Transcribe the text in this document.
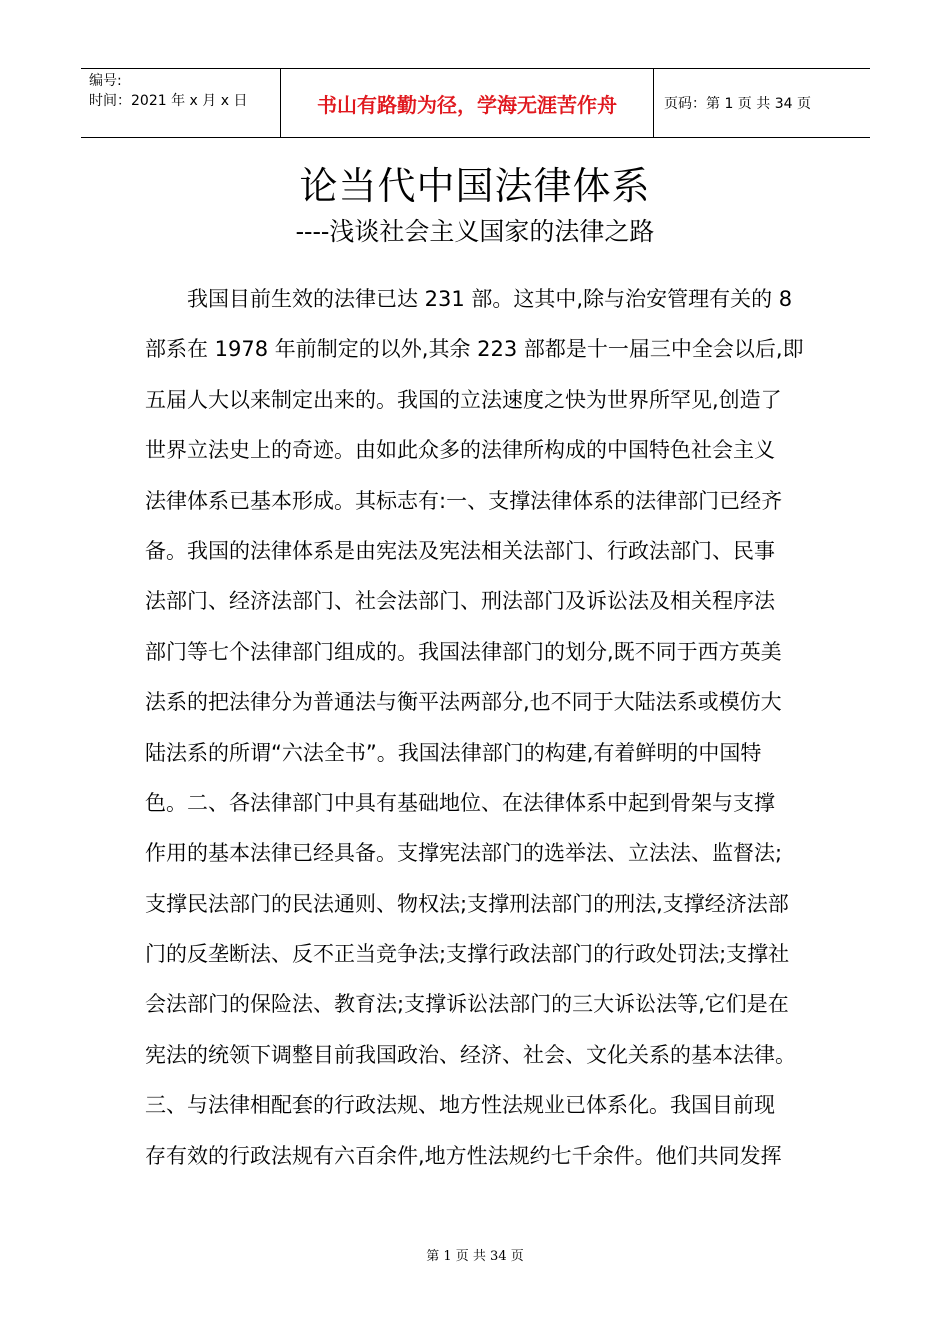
编号:
时间：2021 年 x 月 x 日	书山有路勤为径，学海无涯苦作舟	页码：第 1 页 共 34 页
论当代中国法律体系
----浅谈社会主义国家的法律之路
我国目前生效的法律已达 231 部。这其中,除与治安管理有关的 8
部系在 1978 年前制定的以外,其余 223 部都是十一届三中全会以后,即
五届人大以来制定出来的。我国的立法速度之快为世界所罕见,创造了
世界立法史上的奇迹。由如此众多的法律所构成的中国特色社会主义
法律体系已基本形成。其标志有:一、支撑法律体系的法律部门已经齐
备。我国的法律体系是由宪法及宪法相关法部门、行政法部门、民事
法部门、经济法部门、社会法部门、刑法部门及诉讼法及相关程序法
部门等七个法律部门组成的。我国法律部门的划分,既不同于西方英美
法系的把法律分为普通法与衡平法两部分,也不同于大陆法系或模仿大
陆法系的所谓“六法全书”。我国法律部门的构建,有着鲜明的中国特
色。二、各法律部门中具有基础地位、在法律体系中起到骨架与支撑
作用的基本法律已经具备。支撑宪法部门的选举法、立法法、监督法;
支撑民法部门的民法通则、物权法;支撑刑法部门的刑法,支撑经济法部
门的反垄断法、反不正当竞争法;支撑行政法部门的行政处罚法;支撑社
会法部门的保险法、教育法;支撑诉讼法部门的三大诉讼法等,它们是在
宪法的统领下调整目前我国政治、经济、社会、文化关系的基本法律。
三、与法律相配套的行政法规、地方性法规业已体系化。我国目前现
存有效的行政法规有六百余件,地方性法规约七千余件。他们共同发挥
第 1 页 共 34 页
